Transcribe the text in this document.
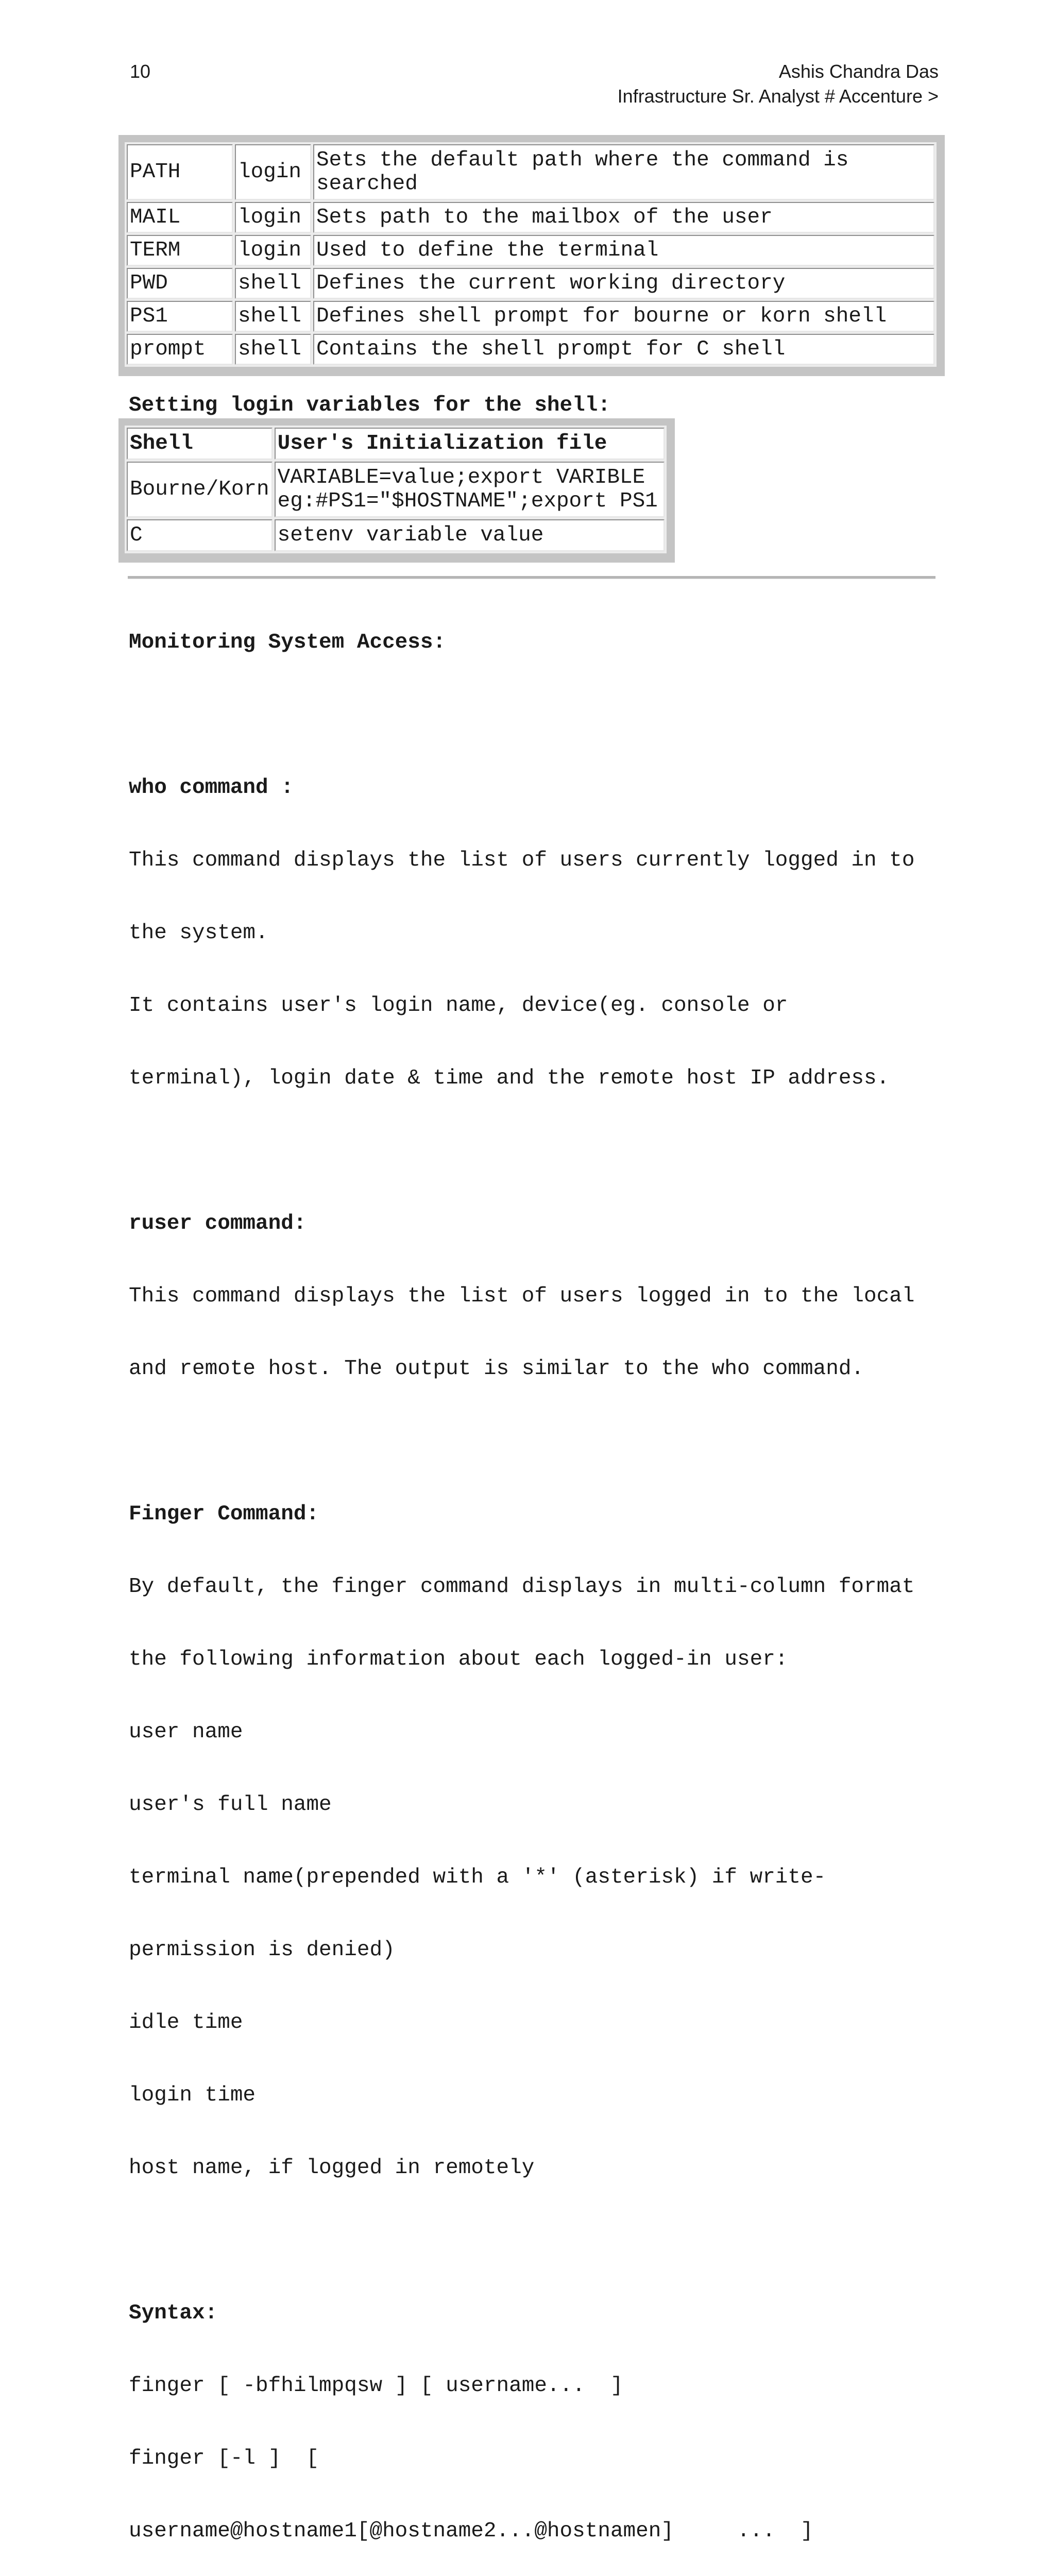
10	Ashis Chandra Das
Infrastructure Sr. Analyst # Accenture >
PATH	login	Sets the default path where the command is
searched
MAIL	login	Sets path to the mailbox of the user
TERM	login	Used to define the terminal
PWD	shell	Defines the current working directory
PS1	shell	Defines shell prompt for bourne or korn shell
prompt	shell	Contains the shell prompt for C shell
Setting login variables for the shell:
Shell	User's Initialization file
Bourne/Korn	VARIABLE=value;export VARIBLE
eg:#PS1="$HOSTNAME";export PS1
C	setenv variable value

Monitoring System Access:

who command :

This command displays the list of users currently logged in to

the system.

It contains user's login name, device(eg. console or

terminal), login date & time and the remote host IP address.

ruser command:

This command displays the list of users logged in to the local

and remote host. The output is similar to the who command.

Finger Command:

By default, the finger command displays in multi-column format

the following information about each logged-in user:

user name

user's full name

terminal name(prepended with a '*' (asterisk) if write-

permission is denied)

idle time

login time

host name, if logged in remotely

Syntax:

finger [ -bfhilmpqsw ] [ username...  ]

finger [-l ]  [

username@hostname1[@hostname2...@hostnamen]     ...  ]
